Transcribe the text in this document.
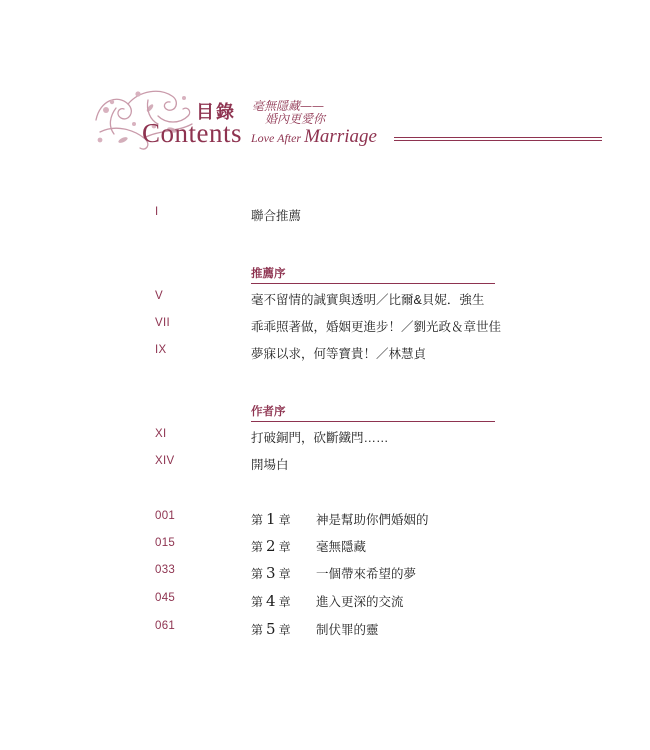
目錄
Contents
毫無隱藏——
婚內更愛你
Love After Marriage
I	聯合推薦
推薦序
V	毫不留情的誠實與透明／比爾&貝妮．強生
VII	乖乖照著做，婚姻更進步！／劉光政＆章世佳
IX	夢寐以求，何等寶貴！／林慧貞
作者序
XI	打破銅門，砍斷鐵閂……
XIV	開場白
001	第 1 章 神是幫助你們婚姻的
015	第 2 章 毫無隱藏
033	第 3 章 一個帶來希望的夢
045	第 4 章 進入更深的交流
061	第 5 章 制伏罪的靈
